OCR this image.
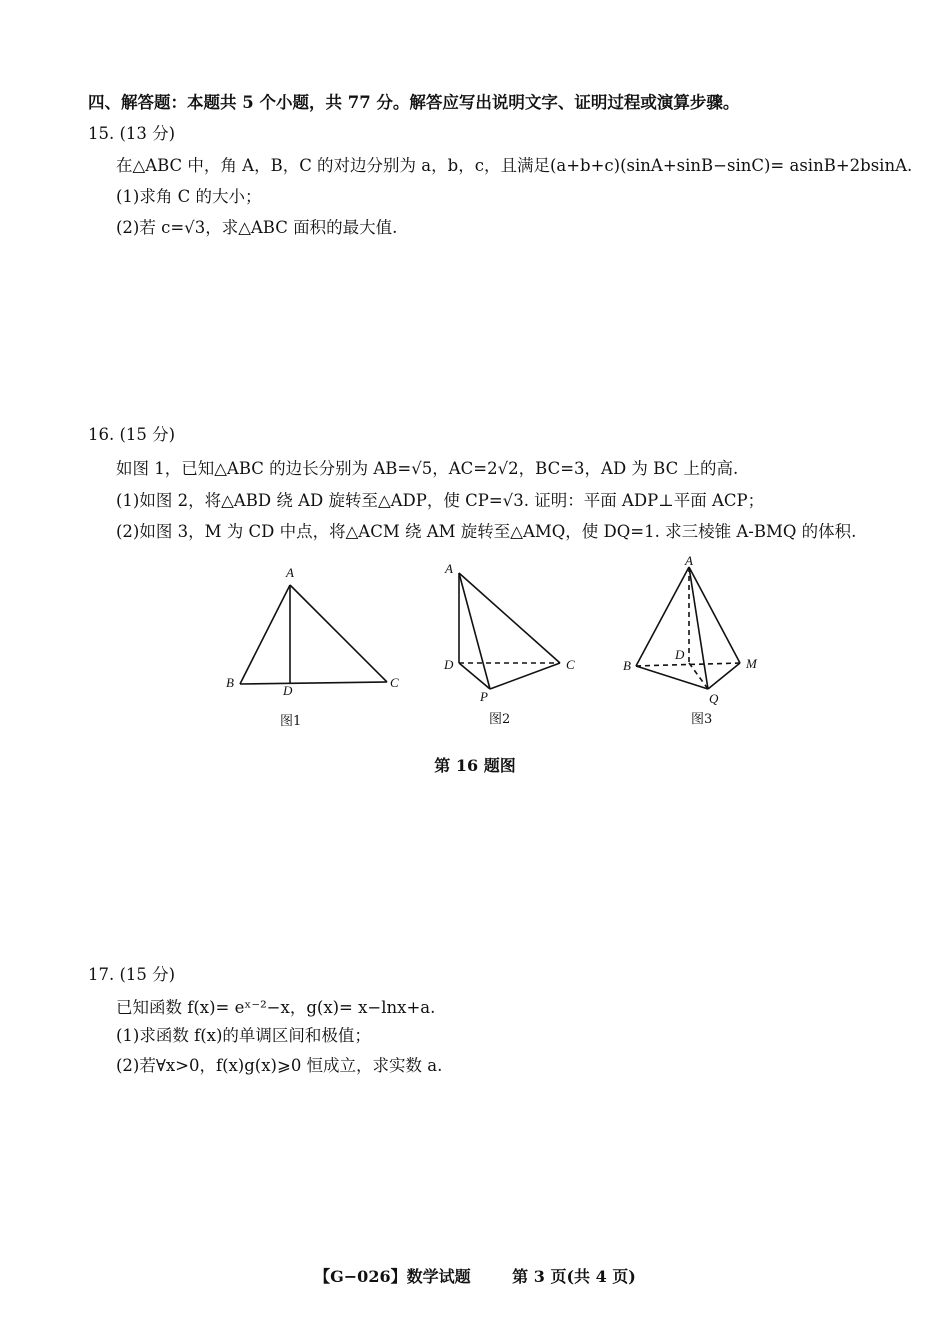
四、解答题：本题共 5 个小题，共 77 分。解答应写出说明文字、证明过程或演算步骤。
15. (13 分)
在△ABC 中，角 A，B，C 的对边分别为 a，b，c，且满足(a+b+c)(sinA+sinB−sinC)= asinB+2bsinA.
(1)求角 C 的大小；
(2)若 c=√3，求△ABC 面积的最大值.
16. (15 分)
如图 1，已知△ABC 的边长分别为 AB=√5，AC=2√2，BC=3，AD 为 BC 上的高.
(1)如图 2，将△ABD 绕 AD 旋转至△ADP，使 CP=√3. 证明：平面 ADP⊥平面 ACP；
(2)如图 3，M 为 CD 中点，将△ACM 绕 AM 旋转至△AMQ，使 DQ=1. 求三棱锥 A-BMQ 的体积.
A
B	C
D
A
D	C
P
A
B
D
M
Q
图1	图2	图3
第 16 题图
17. (15 分)
已知函数 f(x)= eˣ⁻²−x，g(x)= x−lnx+a.
(1)求函数 f(x)的单调区间和极值；
(2)若∀x>0，f(x)g(x)⩾0 恒成立，求实数 a.
【G−026】数学试题	第 3 页(共 4 页)
